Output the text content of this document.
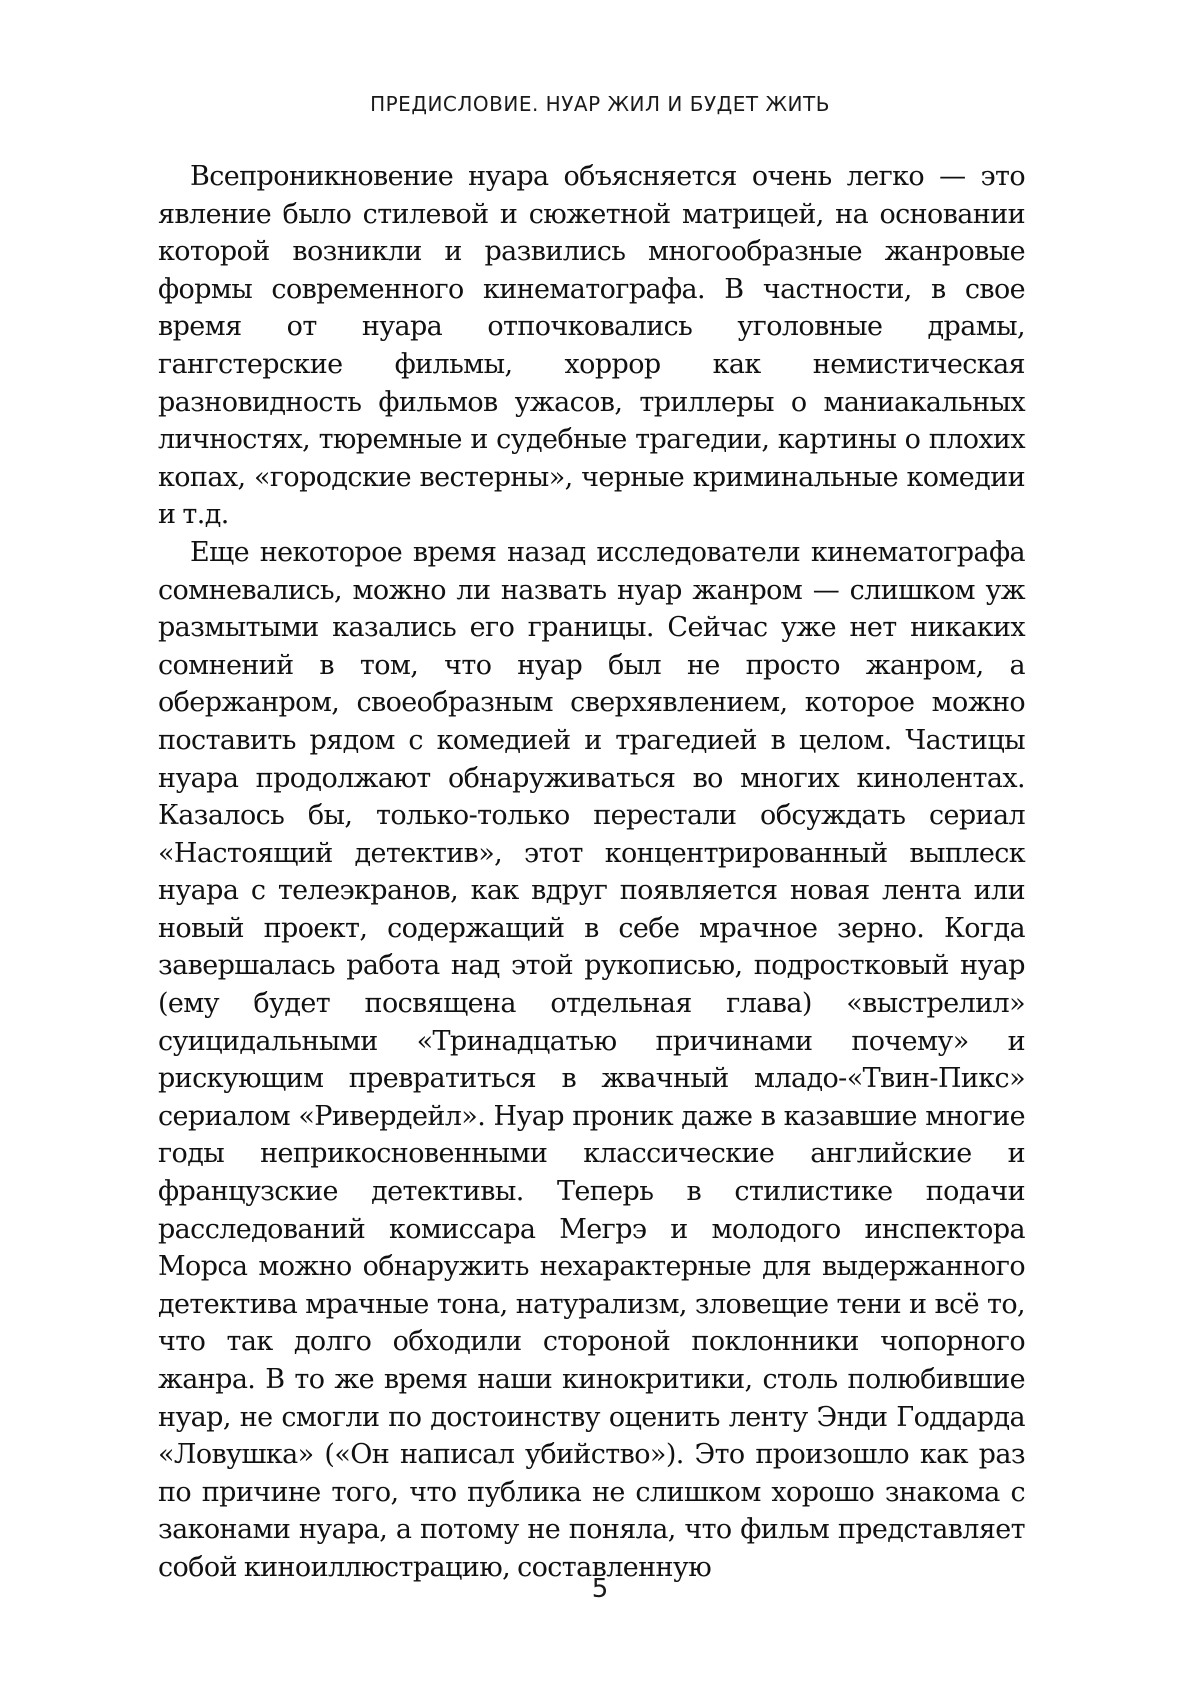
ПРЕДИСЛОВИЕ. НУАР ЖИЛ И БУДЕТ ЖИТЬ

Всепроникновение нуара объясняется очень легко — это явление было стилевой и сюжетной матрицей, на основании которой возникли и развились многообразные жанровые формы современного кинематографа. В частности, в свое время от нуара отпочковались уголовные драмы, гангстерские фильмы, хоррор как немистическая разновидность фильмов ужасов, триллеры о маниакальных личностях, тюремные и судебные трагедии, картины о плохих копах, «городские вестерны», черные криминальные комедии и т.д.

Еще некоторое время назад исследователи кинематографа сомневались, можно ли назвать нуар жанром — слишком уж размытыми казались его границы. Сейчас уже нет никаких сомнений в том, что нуар был не просто жанром, а обержанром, своеобразным сверхявлением, которое можно поставить рядом с комедией и трагедией в целом. Частицы нуара продолжают обнаруживаться во многих кинолентах. Казалось бы, только-только перестали обсуждать сериал «Настоящий детектив», этот концентрированный выплеск нуара с телеэкранов, как вдруг появляется новая лента или новый проект, содержащий в себе мрачное зерно. Когда завершалась работа над этой рукописью, подростковый нуар (ему будет посвящена отдельная глава) «выстрелил» суицидальными «Тринадцатью причинами почему» и рискующим превратиться в жвачный младо-«Твин-Пикс» сериалом «Ривердейл». Нуар проник даже в казавшие многие годы неприкосновенными классические английские и французские детективы. Теперь в стилистике подачи расследований комиссара Мегрэ и молодого инспектора Морса можно обнаружить нехарактерные для выдержанного детектива мрачные тона, натурализм, зловещие тени и всё то, что так долго обходили стороной поклонники чопорного жанра. В то же время наши кинокритики, столь полюбившие нуар, не смогли по достоинству оценить ленту Энди Годдарда «Ловушка» («Он написал убийство»). Это произошло как раз по причине того, что публика не слишком хорошо знакома с законами нуара, а потому не поняла, что фильм представляет собой киноиллюстрацию, составленную

5
